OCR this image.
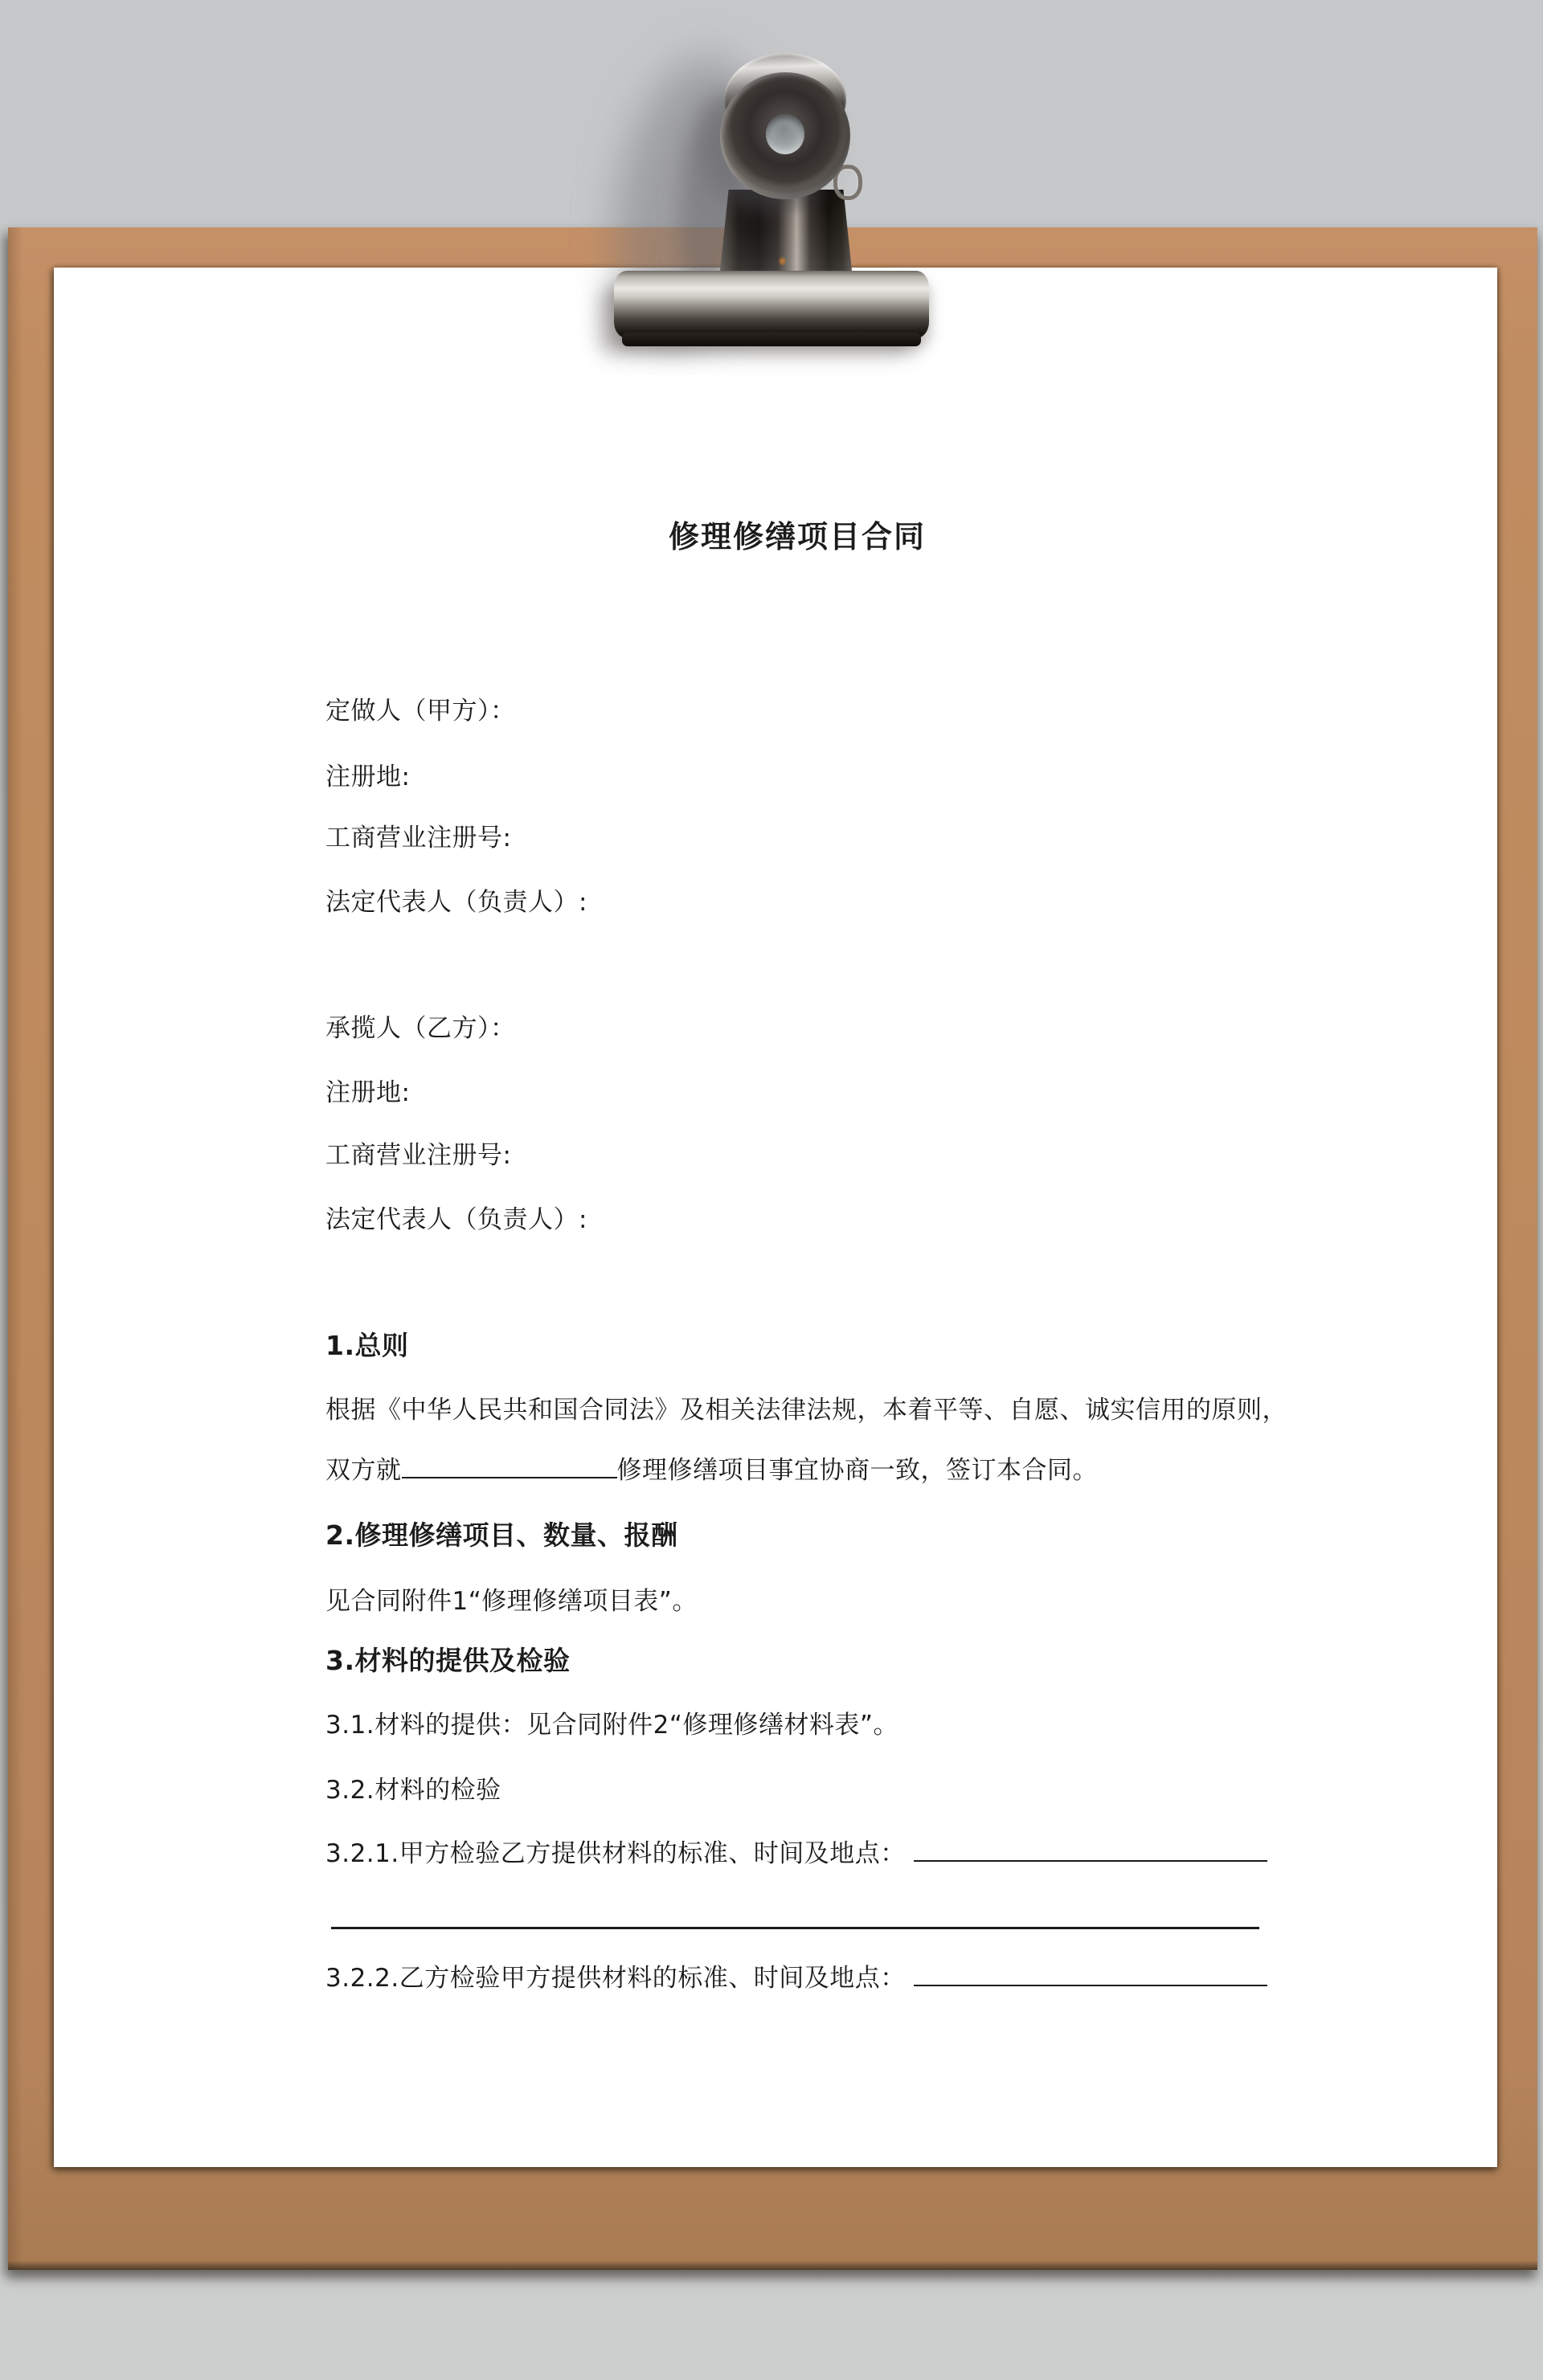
修理修缮项目合同
定做人（甲方）：
注册地:
工商营业注册号:
法定代表人（负责人）:
承揽人（乙方）：
注册地:
工商营业注册号:
法定代表人（负责人）:
1.总则
根据《中华人民共和国合同法》及相关法律法规，本着平等、自愿、诚实信用的原则，
双方就	修理修缮项目事宜协商一致，签订本合同。
2.修理修缮项目、数量、报酬
见合同附件1“修理修缮项目表”。
3.材料的提供及检验
3.1.材料的提供：见合同附件2“修理修缮材料表”。
3.2.材料的检验
3.2.1.甲方检验乙方提供材料的标准、时间及地点：
3.2.2.乙方检验甲方提供材料的标准、时间及地点：
